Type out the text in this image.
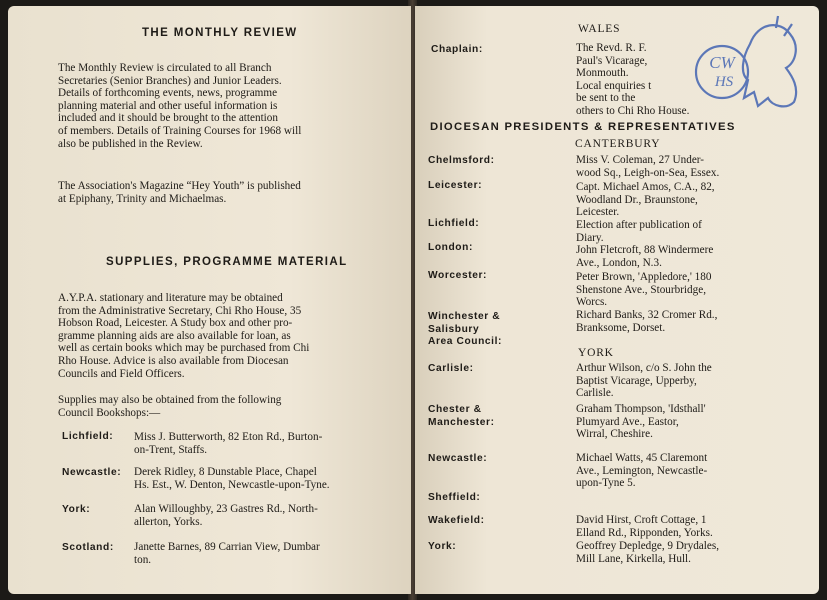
THE MONTHLY REVIEW
The Monthly Review is circulated to all Branch
Secretaries (Senior Branches) and Junior Leaders.
Details of forthcoming events, news, programme
planning material and other useful information is
included and it should be brought to the attention
of members. Details of Training Courses for 1968 will
also be published in the Review.
The Association's Magazine “Hey Youth” is published
at Epiphany, Trinity and Michaelmas.
SUPPLIES, PROGRAMME MATERIAL
A.Y.P.A. stationary and literature may be obtained
from the Administrative Secretary, Chi Rho House, 35
Hobson Road, Leicester. A Study box and other pro-
gramme planning aids are also available for loan, as
well as certain books which may be purchased from Chi
Rho House. Advice is also available from Diocesan
Councils and Field Officers.
Supplies may also be obtained from the following
Council Bookshops:—
Lichfield: Miss J. Butterworth, 82 Eton Rd., Burton-
on-Trent, Staffs.
Newcastle: Derek Ridley, 8 Dunstable Place, Chapel
Hs. Est., W. Denton, Newcastle-upon-Tyne.
York:	Alan Willoughby, 23 Gastres Rd., North-
allerton, Yorks.
Scotland: Janette Barnes, 89 Carrian View, Dumbar
ton.
WALES
Chaplain:	The Revd. R. F.
Paul's Vicarage,
Monmouth.
Local enquiries t
be sent to the
others to Chi Rho House.
CW
HS
DIOCESAN PRESIDENTS & REPRESENTATIVES
CANTERBURY
Chelmsford:	Miss V. Coleman, 27 Under-
wood Sq., Leigh-on-Sea, Essex.
Leicester:	Capt. Michael Amos, C.A., 82,
Woodland Dr., Braunstone,
Leicester.
Lichfield:	Election after publication of
Diary.
London:	John Fletcroft, 88 Windermere
Ave., London, N.3.
Worcester:	Peter Brown, 'Appledore,' 180
Shenstone Ave., Stourbridge,
Worcs.
Winchester &
Salisbury
Area Council:
Richard Banks, 32 Cromer Rd.,
Branksome, Dorset.
YORK
Carlisle:	Arthur Wilson, c/o S. John the
Baptist Vicarage, Upperby,
Carlisle.
Chester &
Manchester:
Graham Thompson, 'Idsthall'
Plumyard Ave., Eastor,
Wirral, Cheshire.
Newcastle:	Michael Watts, 45 Claremont
Ave., Lemington, Newcastle-
upon-Tyne 5.
Sheffield:
Wakefield:	David Hirst, Croft Cottage, 1
Elland Rd., Ripponden, Yorks.
York:	Geoffrey Depledge, 9 Drydales,
Mill Lane, Kirkella, Hull.
